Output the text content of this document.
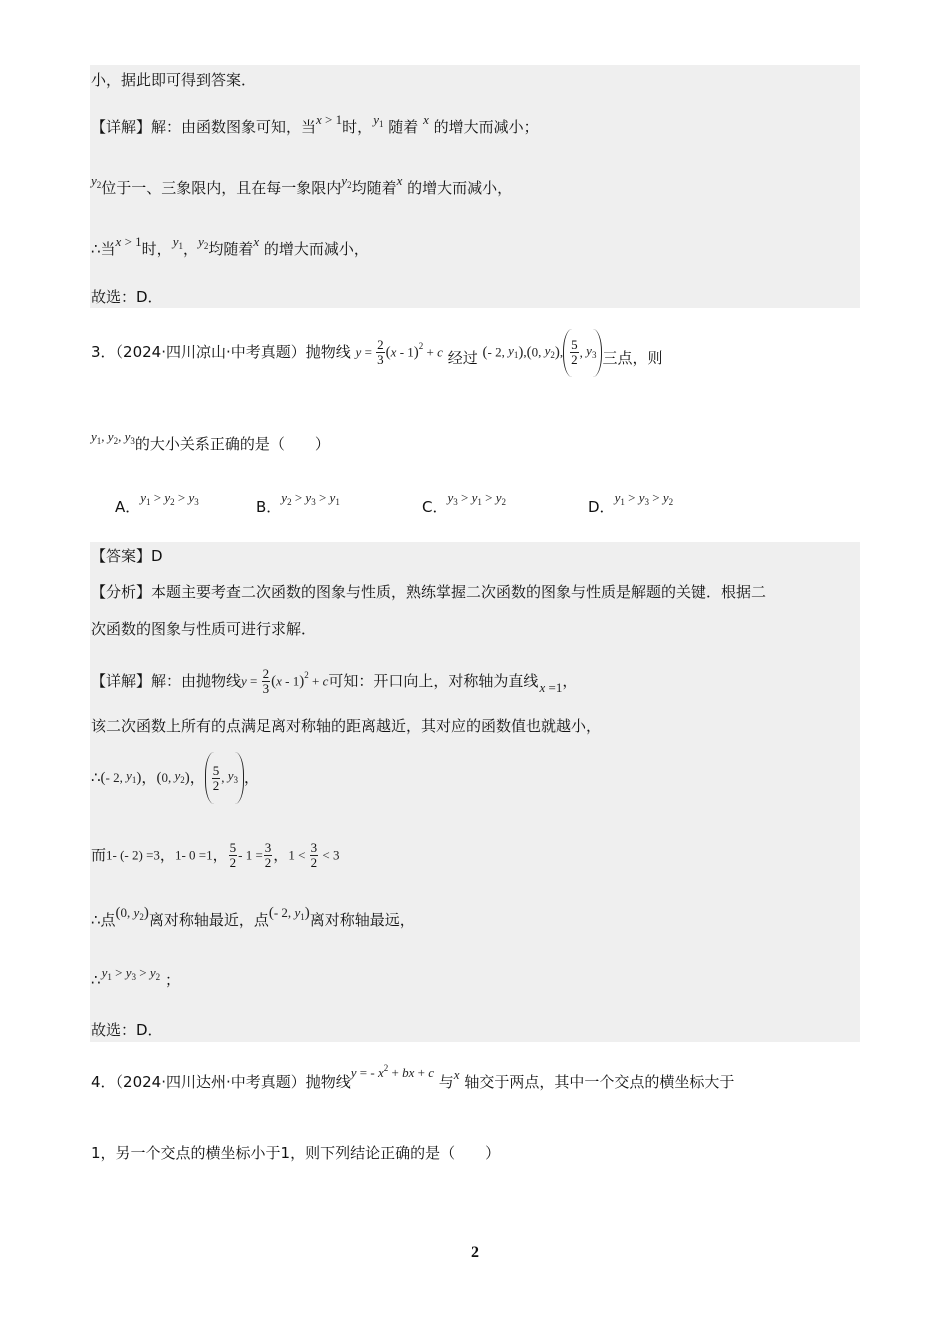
小，据此即可得到答案．
【详解】解：由函数图象可知，当x > 1时， $y_1$ 随着 x 的增大而减小；
$y_2$位于一、三象限内，且在每一象限内$y_2$均随着x 的增大而减小，
∴当x > 1时， $y_1$，$y_2$均随着x 的增大而减小，
故选：D．
3．（2024·四川凉山·中考真题）抛物线 $y = \frac{2}{3} (x - 1)^2 + c$ 经过 (- 2, $y_1),(0$, $y_2$), $\frac{5}{2}$ , $y_3$ 三点，则
$y_1$, $y_2$, $y_3$的大小关系正确的是（　　）
A．$y_1 > y_2 > y_3$	B．$y_2 > y_3 > y_1$	C．$y_3 > y_1 > y_2$	D．$y_1 > y_3 > y_2$
【答案】D
【分析】本题主要考查二次函数的图象与性质，熟练掌握二次函数的图象与性质是解题的关键．根据二
次函数的图象与性质可进行求解．
【详解】解：由抛物线$y = \frac{2}{3} (x - 1)^2 + c$可知：开口向上，对称轴为直线 x =1，
该二次函数上所有的点满足离对称轴的距离越近，其对应的函数值也就越小，
∴(- 2, $y_1$)，(0, $y_2$)， $\frac{5}{2}$ , $y_3$ ，
而1- (- 2) =3，1- 0 =1， $\frac{5}{2} - 1 = \frac{3}{2}$ ，$1 < \frac{3}{2} < 3$
∴点(0, $y_2$)离对称轴最近，点(- 2, $y_1$)离对称轴最远，
∴ $y_1 > y_3 > y_2$ ；
故选：D．
4．（2024·四川达州·中考真题）抛物线y = - $x^2$ + bx + c 与x 轴交于两点，其中一个交点的横坐标大于
1，另一个交点的横坐标小于1，则下列结论正确的是（　　）
2
